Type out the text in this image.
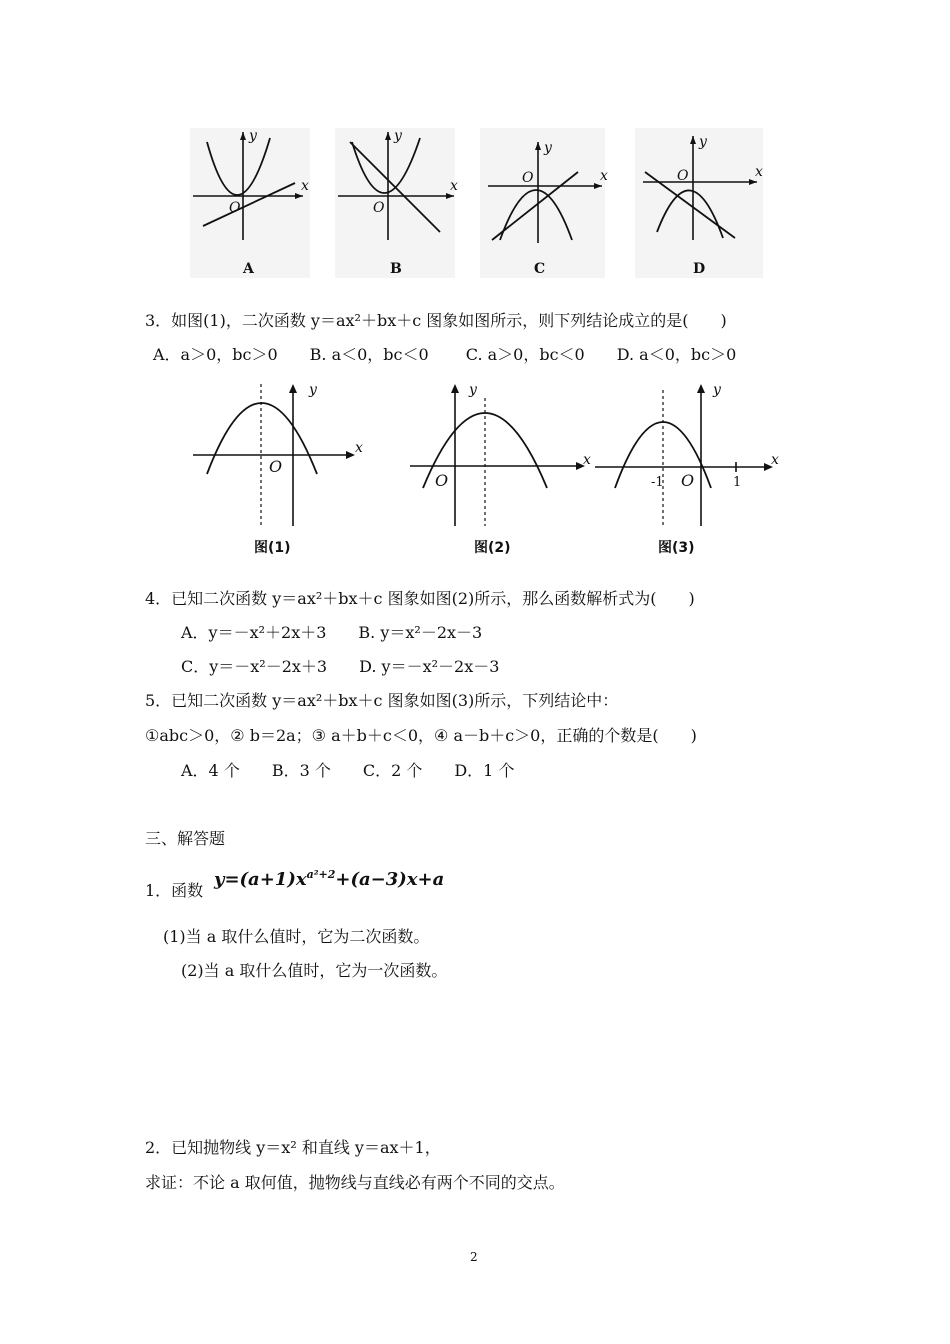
y
x
O
A
y
x
O
B
y
x
O
C
y
x
O
D
3．如图(1)，二次函数 y＝ax²＋bx＋c 图象如图所示，则下列结论成立的是(　　)
A．a＞0，bc＞0　　B. a＜0，bc＜0　　 C. a＞0，bc＜0　　D. a＜0，bc＞0
y
x
O
y
x
O
y
x
O
-1	1
图(1)	图(2)	图(3)
4．已知二次函数 y＝ax²＋bx＋c 图象如图(2)所示，那么函数解析式为(　　)
A．y＝－x²＋2x＋3　　B. y＝x²－2x－3
C．y＝－x²－2x＋3　　D. y＝－x²－2x－3
5．已知二次函数 y＝ax²＋bx＋c 图象如图(3)所示，下列结论中：
①abc＞0，② b＝2a；③ a＋b＋c＜0，④ a－b＋c＞0，正确的个数是(　　)
A．4 个　　B．3 个　　C．2 个　　D．1 个
三、解答题
1．函数
$y=(a+1)x^{a^2+2}+(a-3)x+a$
(1)当 a 取什么值时，它为二次函数。
(2)当 a 取什么值时，它为一次函数。
2．已知抛物线 y＝x² 和直线 y＝ax＋1，
求证：不论 a 取何值，抛物线与直线必有两个不同的交点。
2
